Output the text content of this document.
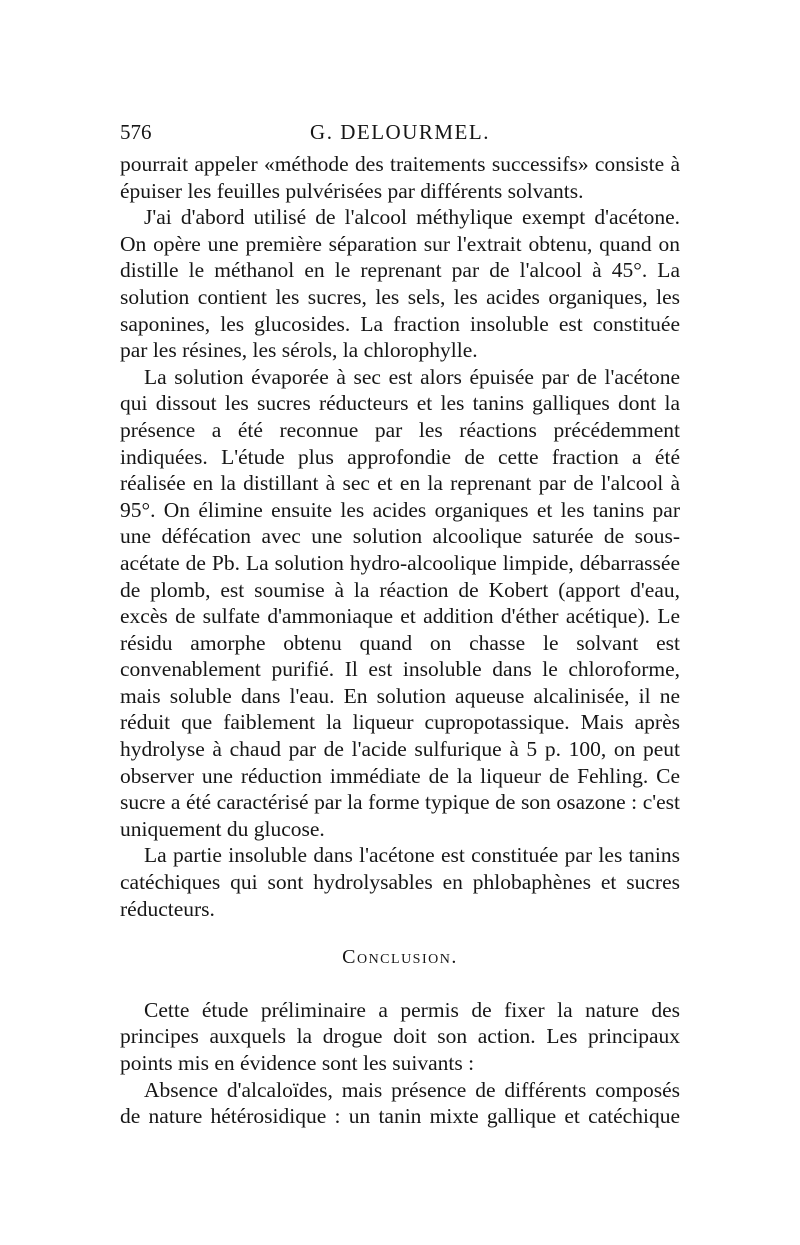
576	G. DELOURMEL.

pourrait appeler «méthode des traitements successifs» consiste à épuiser les feuilles pulvérisées par différents solvants.

J'ai d'abord utilisé de l'alcool méthylique exempt d'acétone. On opère une première séparation sur l'extrait obtenu, quand on distille le méthanol en le reprenant par de l'alcool à 45°. La solution contient les sucres, les sels, les acides organiques, les saponines, les glucosides. La fraction insoluble est constituée par les résines, les sérols, la chlorophylle.

La solution évaporée à sec est alors épuisée par de l'acétone qui dissout les sucres réducteurs et les tanins galliques dont la présence a été reconnue par les réactions précédemment indiquées. L'étude plus approfondie de cette fraction a été réalisée en la distillant à sec et en la reprenant par de l'alcool à 95°. On élimine ensuite les acides organiques et les tanins par une défécation avec une solution alcoolique saturée de sous-acétate de Pb. La solution hydro-alcoolique limpide, débarrassée de plomb, est soumise à la réaction de Kobert (apport d'eau, excès de sulfate d'ammoniaque et addition d'éther acétique). Le résidu amorphe obtenu quand on chasse le solvant est convenablement purifié. Il est insoluble dans le chloroforme, mais soluble dans l'eau. En solution aqueuse alcalinisée, il ne réduit que faiblement la liqueur cupropotassique. Mais après hydrolyse à chaud par de l'acide sulfurique à 5 p. 100, on peut observer une réduction immédiate de la liqueur de Fehling. Ce sucre a été caractérisé par la forme typique de son osazone : c'est uniquement du glucose.

La partie insoluble dans l'acétone est constituée par les tanins catéchiques qui sont hydrolysables en phlobaphènes et sucres réducteurs.

Conclusion.

Cette étude préliminaire a permis de fixer la nature des principes auxquels la drogue doit son action. Les principaux points mis en évidence sont les suivants :

Absence d'alcaloïdes, mais présence de différents composés de nature hétérosidique : un tanin mixte gallique et catéchique
